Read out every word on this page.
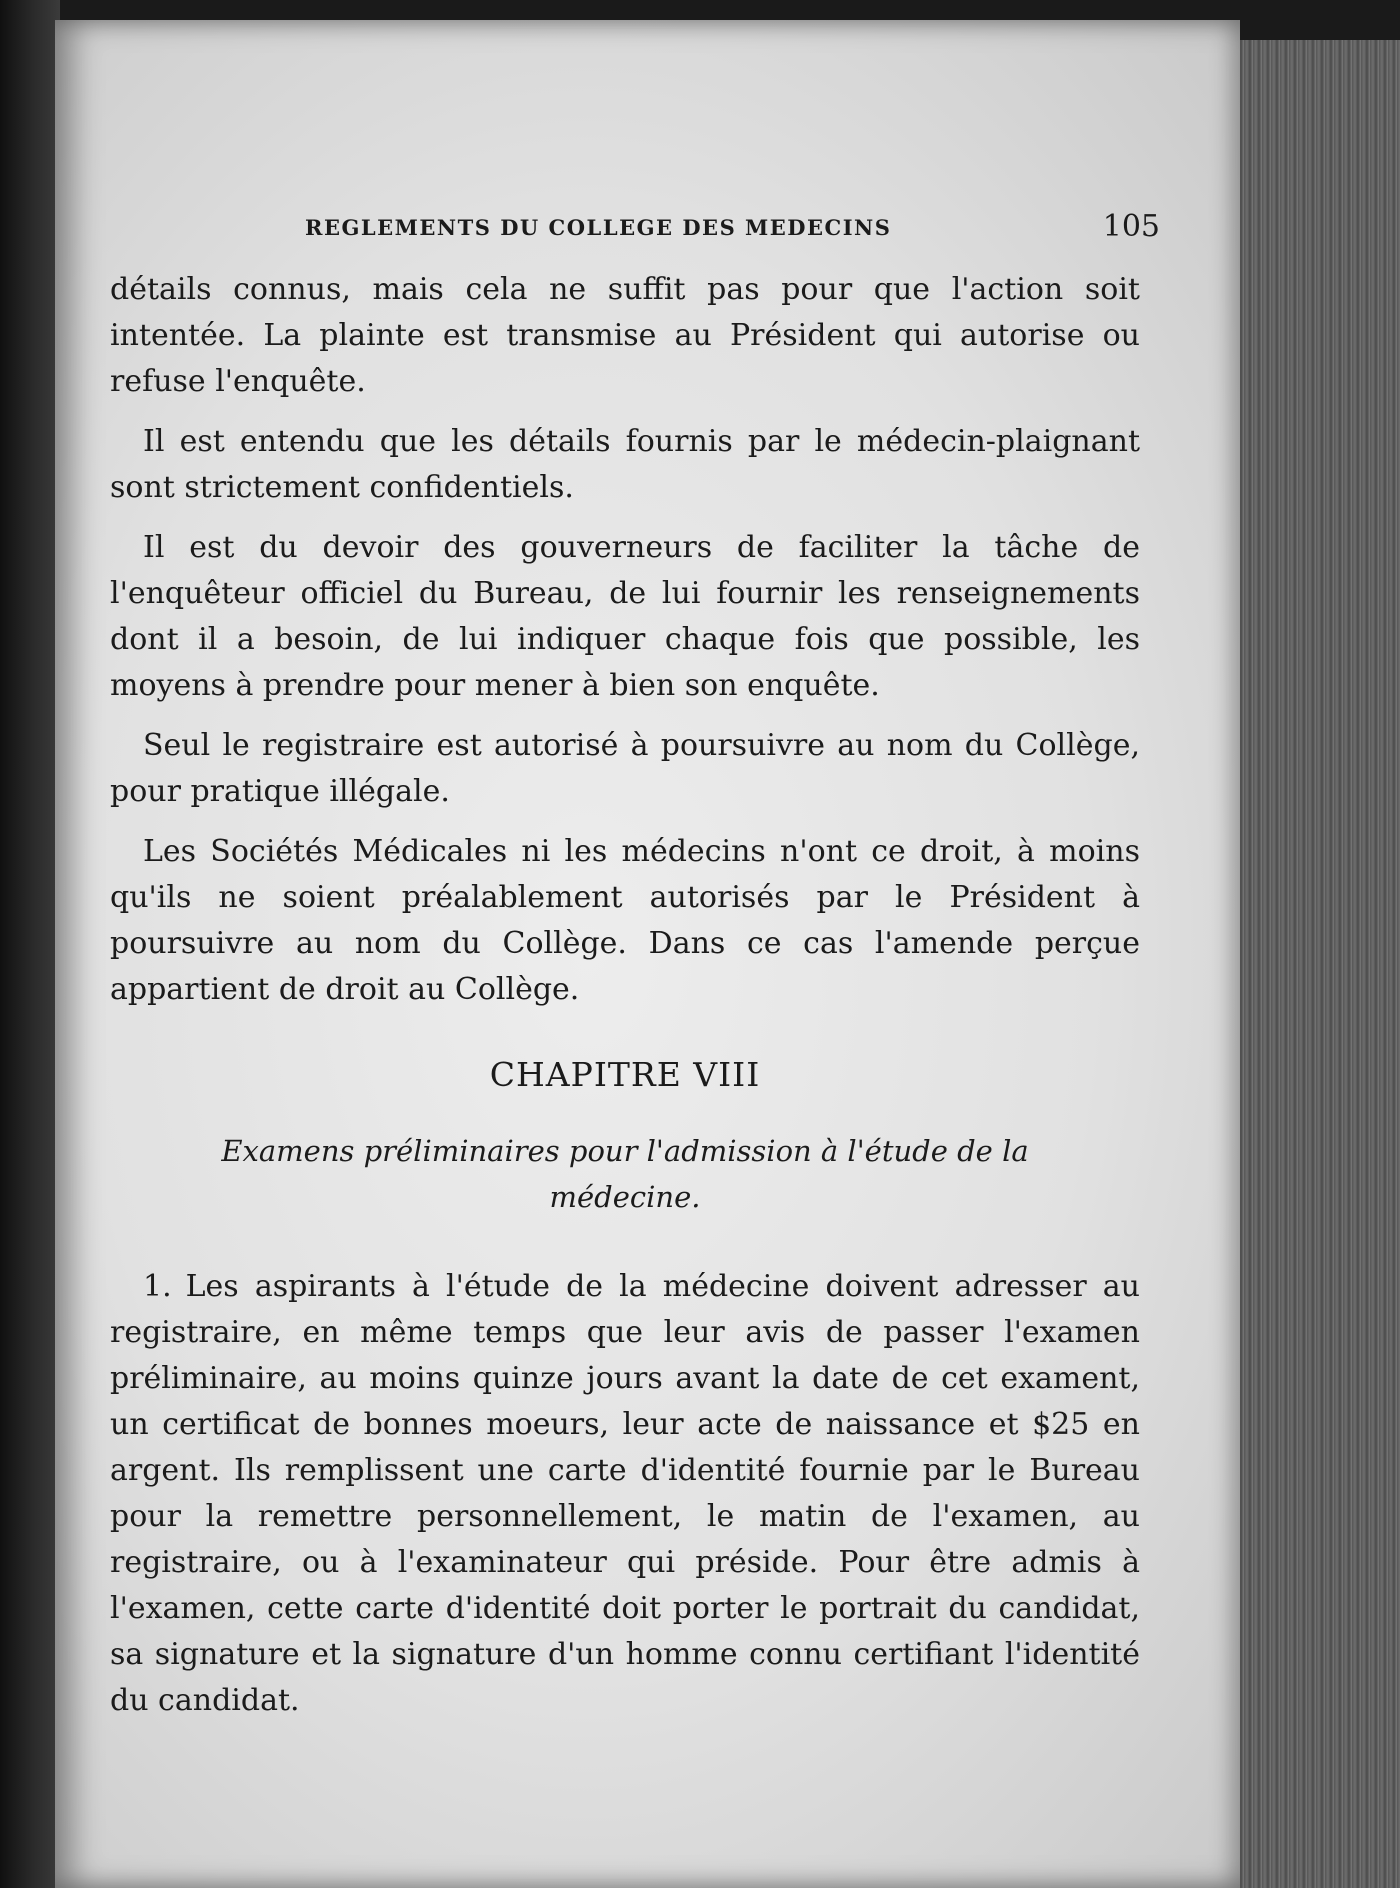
REGLEMENTS DU COLLEGE DES MEDECINS	105

détails connus, mais cela ne suffit pas pour que l'action soit intentée. La plainte est transmise au Président qui autorise ou refuse l'enquête.

Il est entendu que les détails fournis par le médecin-plaignant sont strictement confidentiels.

Il est du devoir des gouverneurs de faciliter la tâche de l'enquêteur officiel du Bureau, de lui fournir les renseignements dont il a besoin, de lui indiquer chaque fois que possible, les moyens à prendre pour mener à bien son enquête.

Seul le registraire est autorisé à poursuivre au nom du Collège, pour pratique illégale.

Les Sociétés Médicales ni les médecins n'ont ce droit, à moins qu'ils ne soient préalablement autorisés par le Président à poursuivre au nom du Collège. Dans ce cas l'amende perçue appartient de droit au Collège.

CHAPITRE VIII
Examens préliminaires pour l'admission à l'étude de la médecine.

1. Les aspirants à l'étude de la médecine doivent adresser au registraire, en même temps que leur avis de passer l'examen préliminaire, au moins quinze jours avant la date de cet exament, un certificat de bonnes moeurs, leur acte de naissance et $25 en argent. Ils remplissent une carte d'identité fournie par le Bureau pour la remettre personnellement, le matin de l'examen, au registraire, ou à l'examinateur qui préside. Pour être admis à l'examen, cette carte d'identité doit porter le portrait du candidat, sa signature et la signature d'un homme connu certifiant l'identité du candidat.
